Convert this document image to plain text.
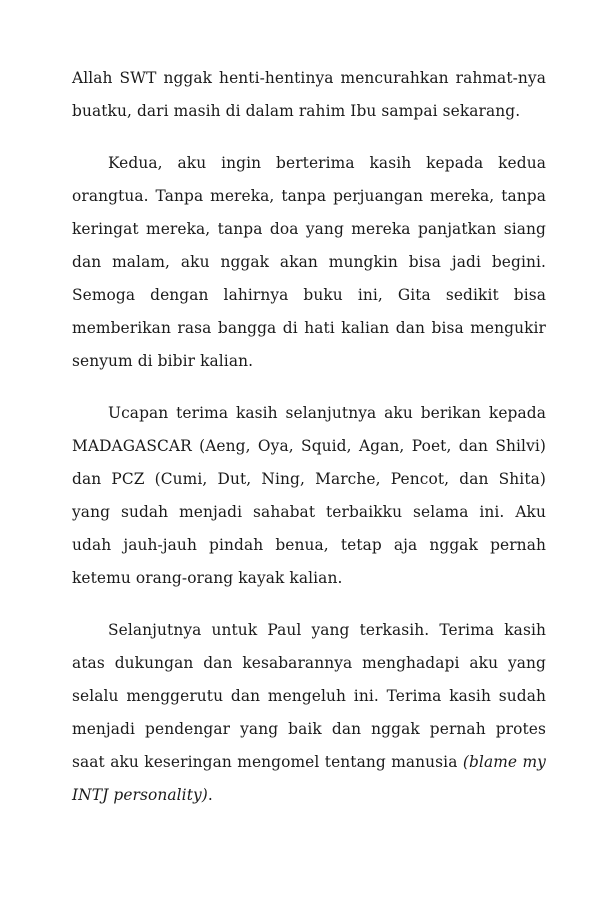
Allah SWT nggak henti-hentinya mencurahkan rahmat-nya buatku, dari masih di dalam rahim Ibu sampai sekarang.

Kedua, aku ingin berterima kasih kepada kedua orangtua. Tanpa mereka, tanpa perjuangan mereka, tanpa keringat mereka, tanpa doa yang mereka panjatkan siang dan malam, aku nggak akan mungkin bisa jadi begini. Semoga dengan lahirnya buku ini, Gita sedikit bisa memberikan rasa bangga di hati kalian dan bisa mengukir senyum di bibir kalian.

Ucapan terima kasih selanjutnya aku berikan kepada MADAGASCAR (Aeng, Oya, Squid, Agan, Poet, dan Shilvi) dan PCZ (Cumi, Dut, Ning, Marche, Pencot, dan Shita) yang sudah menjadi sahabat terbaikku selama ini. Aku udah jauh-jauh pindah benua, tetap aja nggak pernah ketemu orang-orang kayak kalian.

Selanjutnya untuk Paul yang terkasih. Terima kasih atas dukungan dan kesabarannya menghadapi aku yang selalu menggerutu dan mengeluh ini. Terima kasih sudah menjadi pendengar yang baik dan nggak pernah protes saat aku keseringan mengomel tentang manusia (blame my INTJ personality).
